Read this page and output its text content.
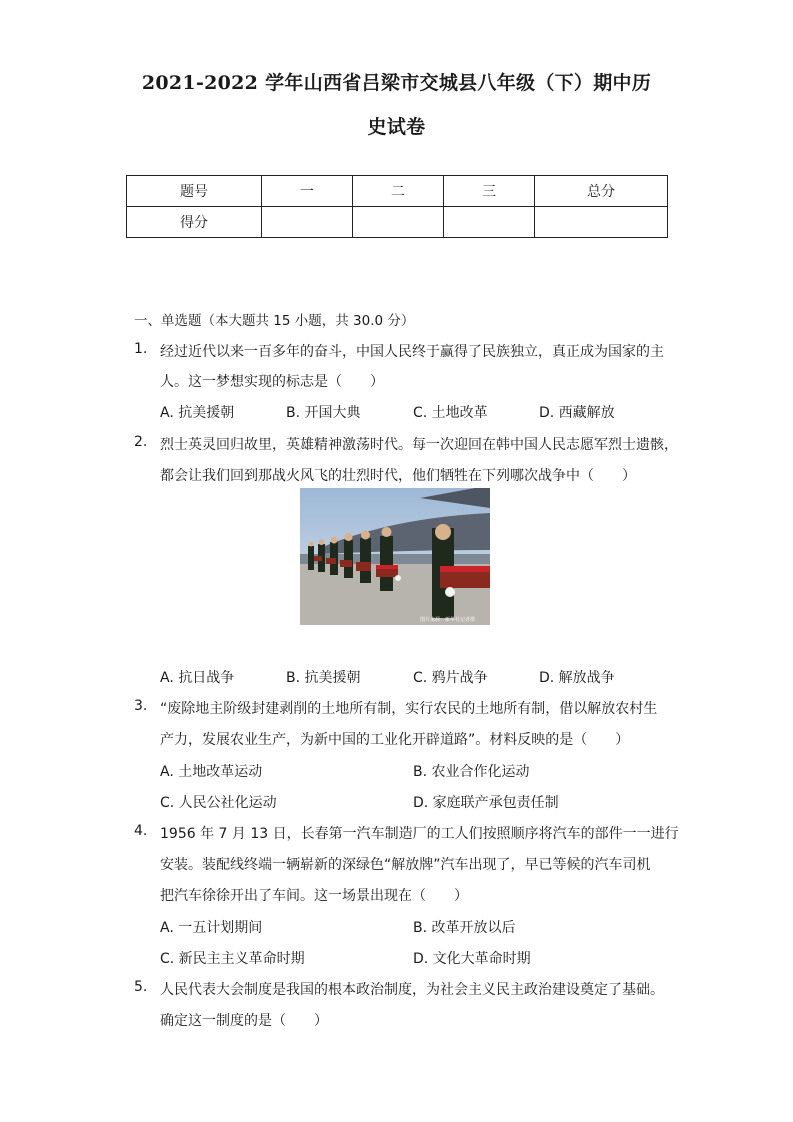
2021-2022 学年山西省吕梁市交城县八年级（下）期中历
史试卷
题号	一	二	三	总分
得分				
一、单选题（本大题共 15 小题，共 30.0 分）
1. 经过近代以来一百多年的奋斗，中国人民终于赢得了民族独立，真正成为国家的主
人。这一梦想实现的标志是（　　）
A. 抗美援朝	B. 开国大典	C. 土地改革	D. 西藏解放
2. 烈士英灵回归故里，英雄精神激荡时代。每一次迎回在韩中国人民志愿军烈士遗骸，
都会让我们回到那战火风飞的壮烈时代，他们牺牲在下列哪次战争中（　　）
图片来源：新华社记者摄
A. 抗日战争	B. 抗美援朝	C. 鸦片战争	D. 解放战争
3. “废除地主阶级封建剥削的土地所有制，实行农民的土地所有制，借以解放农村生
产力，发展农业生产，为新中国的工业化开辟道路”。材料反映的是（　　）
A. 土地改革运动	B. 农业合作化运动
C. 人民公社化运动	D. 家庭联产承包责任制
4. 1956 年 7 月 13 日，长春第一汽车制造厂的工人们按照顺序将汽车的部件一一进行
安装。装配线终端一辆崭新的深绿色“解放牌”汽车出现了，早已等候的汽车司机
把汽车徐徐开出了车间。这一场景出现在（　　）
A. 一五计划期间	B. 改革开放以后
C. 新民主主义革命时期	D. 文化大革命时期
5. 人民代表大会制度是我国的根本政治制度，为社会主义民主政治建设奠定了基础。
确定这一制度的是（　　）
